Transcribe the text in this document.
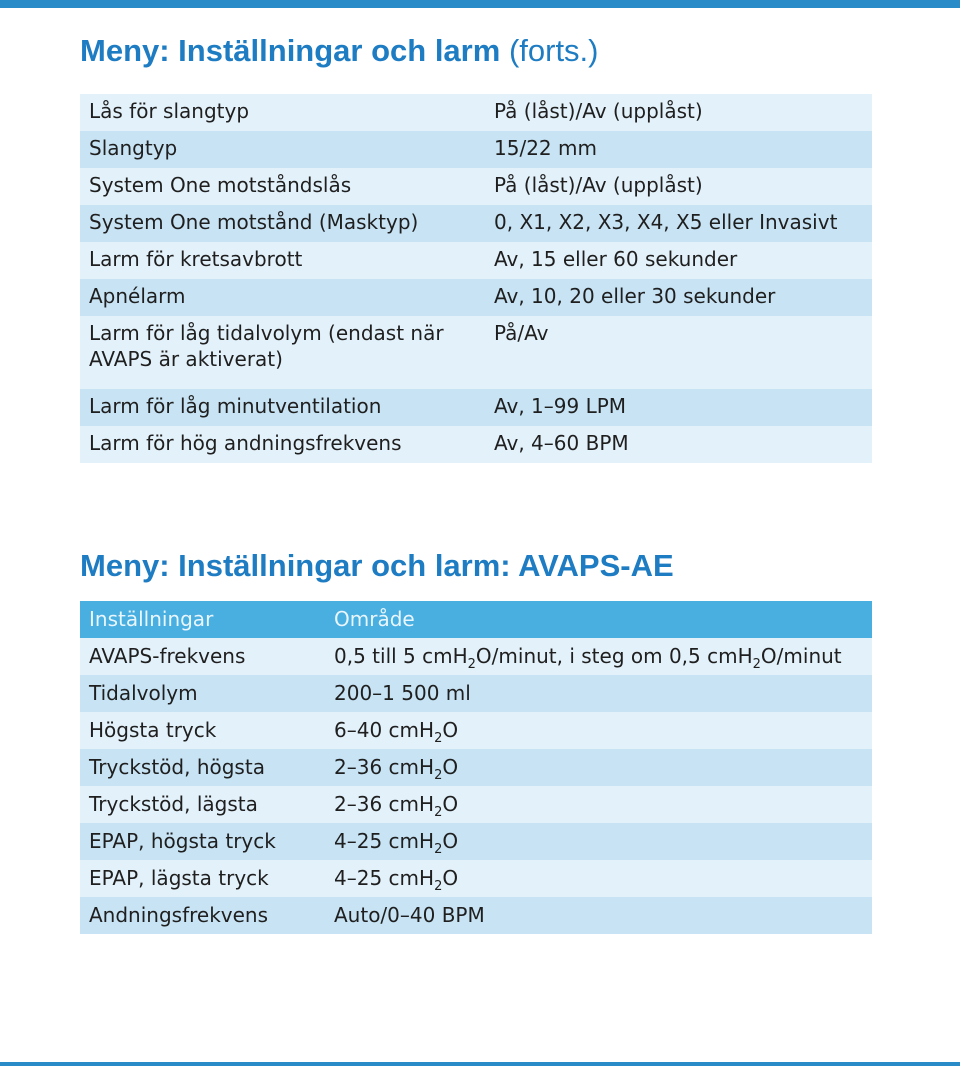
Meny: Inställningar och larm (forts.)
Lås för slangtyp	På (låst)/Av (upplåst)
Slangtyp	15/22 mm
System One motståndslås	På (låst)/Av (upplåst)
System One motstånd (Masktyp)	0, X1, X2, X3, X4, X5 eller Invasivt
Larm för kretsavbrott	Av, 15 eller 60 sekunder
Apnélarm	Av, 10, 20 eller 30 sekunder
Larm för låg tidalvolym (endast när
AVAPS är aktiverat)	På/Av
Larm för låg minutventilation	Av, 1–99 LPM
Larm för hög andningsfrekvens	Av, 4–60 BPM
Meny: Inställningar och larm: AVAPS-AE
Inställningar	Område
AVAPS-frekvens	0,5 till 5 cmH$_2$O/minut, i steg om 0,5 cmH$_2$O/minut
Tidalvolym	200–1 500 ml
Högsta tryck	6–40 cmH$_2$O
Tryckstöd, högsta	2–36 cmH$_2$O
Tryckstöd, lägsta	2–36 cmH$_2$O
EPAP, högsta tryck	4–25 cmH$_2$O
EPAP, lägsta tryck	4–25 cmH$_2$O
Andningsfrekvens	Auto/0–40 BPM
